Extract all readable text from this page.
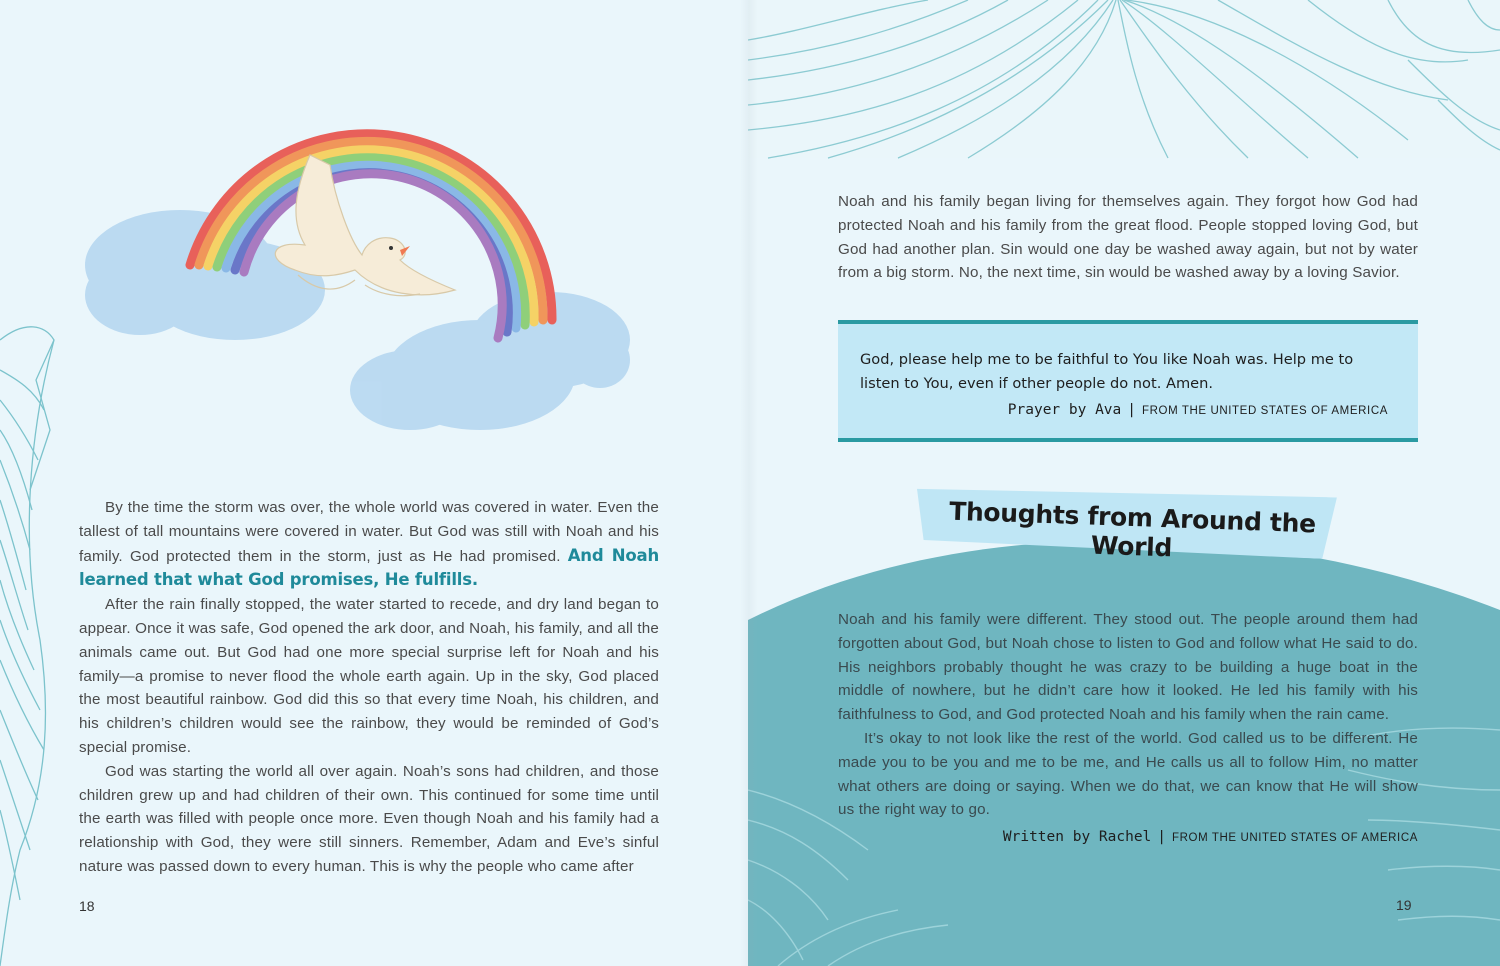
By the time the storm was over, the whole world was covered in water. Even the tallest of tall mountains were covered in water. But God was still with Noah and his family. God protected them in the storm, just as He had promised. And Noah learned that what God promises, He fulfills.

After the rain finally stopped, the water started to recede, and dry land began to appear. Once it was safe, God opened the ark door, and Noah, his family, and all the animals came out. But God had one more special surprise left for Noah and his family—a promise to never flood the whole earth again. Up in the sky, God placed the most beautiful rainbow. God did this so that every time Noah, his children, and his children’s children would see the rainbow, they would be reminded of God’s special promise.

God was starting the world all over again. Noah’s sons had children, and those children grew up and had children of their own. This continued for some time until the earth was filled with people once more. Even though Noah and his family had a relationship with God, they were still sinners. Remember, Adam and Eve’s sinful nature was passed down to every human. This is why the people who came after

18

Noah and his family began living for themselves again. They forgot how God had protected Noah and his family from the great flood. People stopped loving God, but God had another plan. Sin would one day be washed away again, but not by water from a big storm. No, the next time, sin would be washed away by a loving Savior.

God, please help me to be faithful to You like Noah was. Help me to listen to You, even if other people do not. Amen.
Prayer by Ava | FROM THE UNITED STATES OF AMERICA
Thoughts from Around the World

Noah and his family were different. They stood out. The people around them had forgotten about God, but Noah chose to listen to God and follow what He said to do. His neighbors probably thought he was crazy to be building a huge boat in the middle of nowhere, but he didn’t care how it looked. He led his family with his faithfulness to God, and God protected Noah and his family when the rain came.

It’s okay to not look like the rest of the world. God called us to be different. He made you to be you and me to be me, and He calls us all to follow Him, no matter what others are doing or saying. When we do that, we can know that He will show us the right way to go.

Written by Rachel | FROM THE UNITED STATES OF AMERICA
19
